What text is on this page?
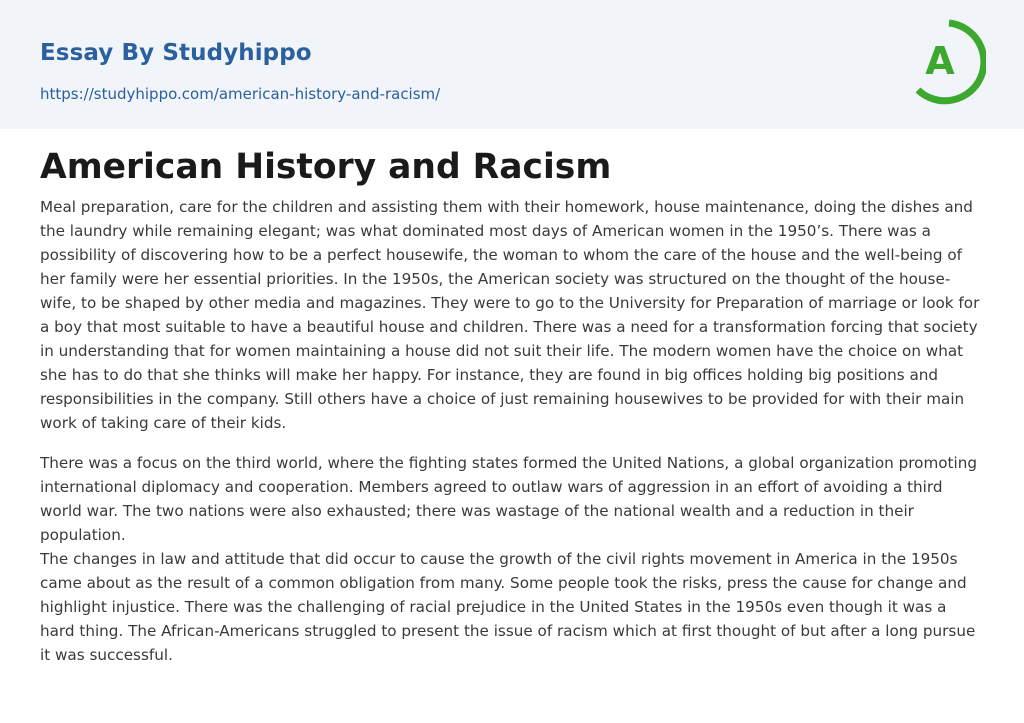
Essay By Studyhippo
https://studyhippo.com/american-history-and-racism/
A
American History and Racism

Meal preparation, care for the children and assisting them with their homework, house maintenance, doing the dishes and the laundry while remaining elegant; was what dominated most days of American women in the 1950’s. There was a possibility of discovering how to be a perfect housewife, the woman to whom the care of the house and the well-being of her family were her essential priorities. In the 1950s, the American society was structured on the thought of the house-wife, to be shaped by other media and magazines. They were to go to the University for Preparation of marriage or look for a boy that most suitable to have a beautiful house and children. There was a need for a transformation forcing that society in understanding that for women maintaining a house did not suit their life. The modern women have the choice on what she has to do that she thinks will make her happy. For instance, they are found in big offices holding big positions and responsibilities in the company. Still others have a choice of just remaining housewives to be provided for with their main work of taking care of their kids.

There was a focus on the third world, where the fighting states formed the United Nations, a global organization promoting international diplomacy and cooperation. Members agreed to outlaw wars of aggression in an effort of avoiding a third world war. The two nations were also exhausted; there was wastage of the national wealth and a reduction in their population.

The changes in law and attitude that did occur to cause the growth of the civil rights movement in America in the 1950s came about as the result of a common obligation from many. Some people took the risks, press the cause for change and highlight injustice. There was the challenging of racial prejudice in the United States in the 1950s even though it was a hard thing. The African-Americans struggled to present the issue of racism which at first thought of but after a long pursue it was successful.
